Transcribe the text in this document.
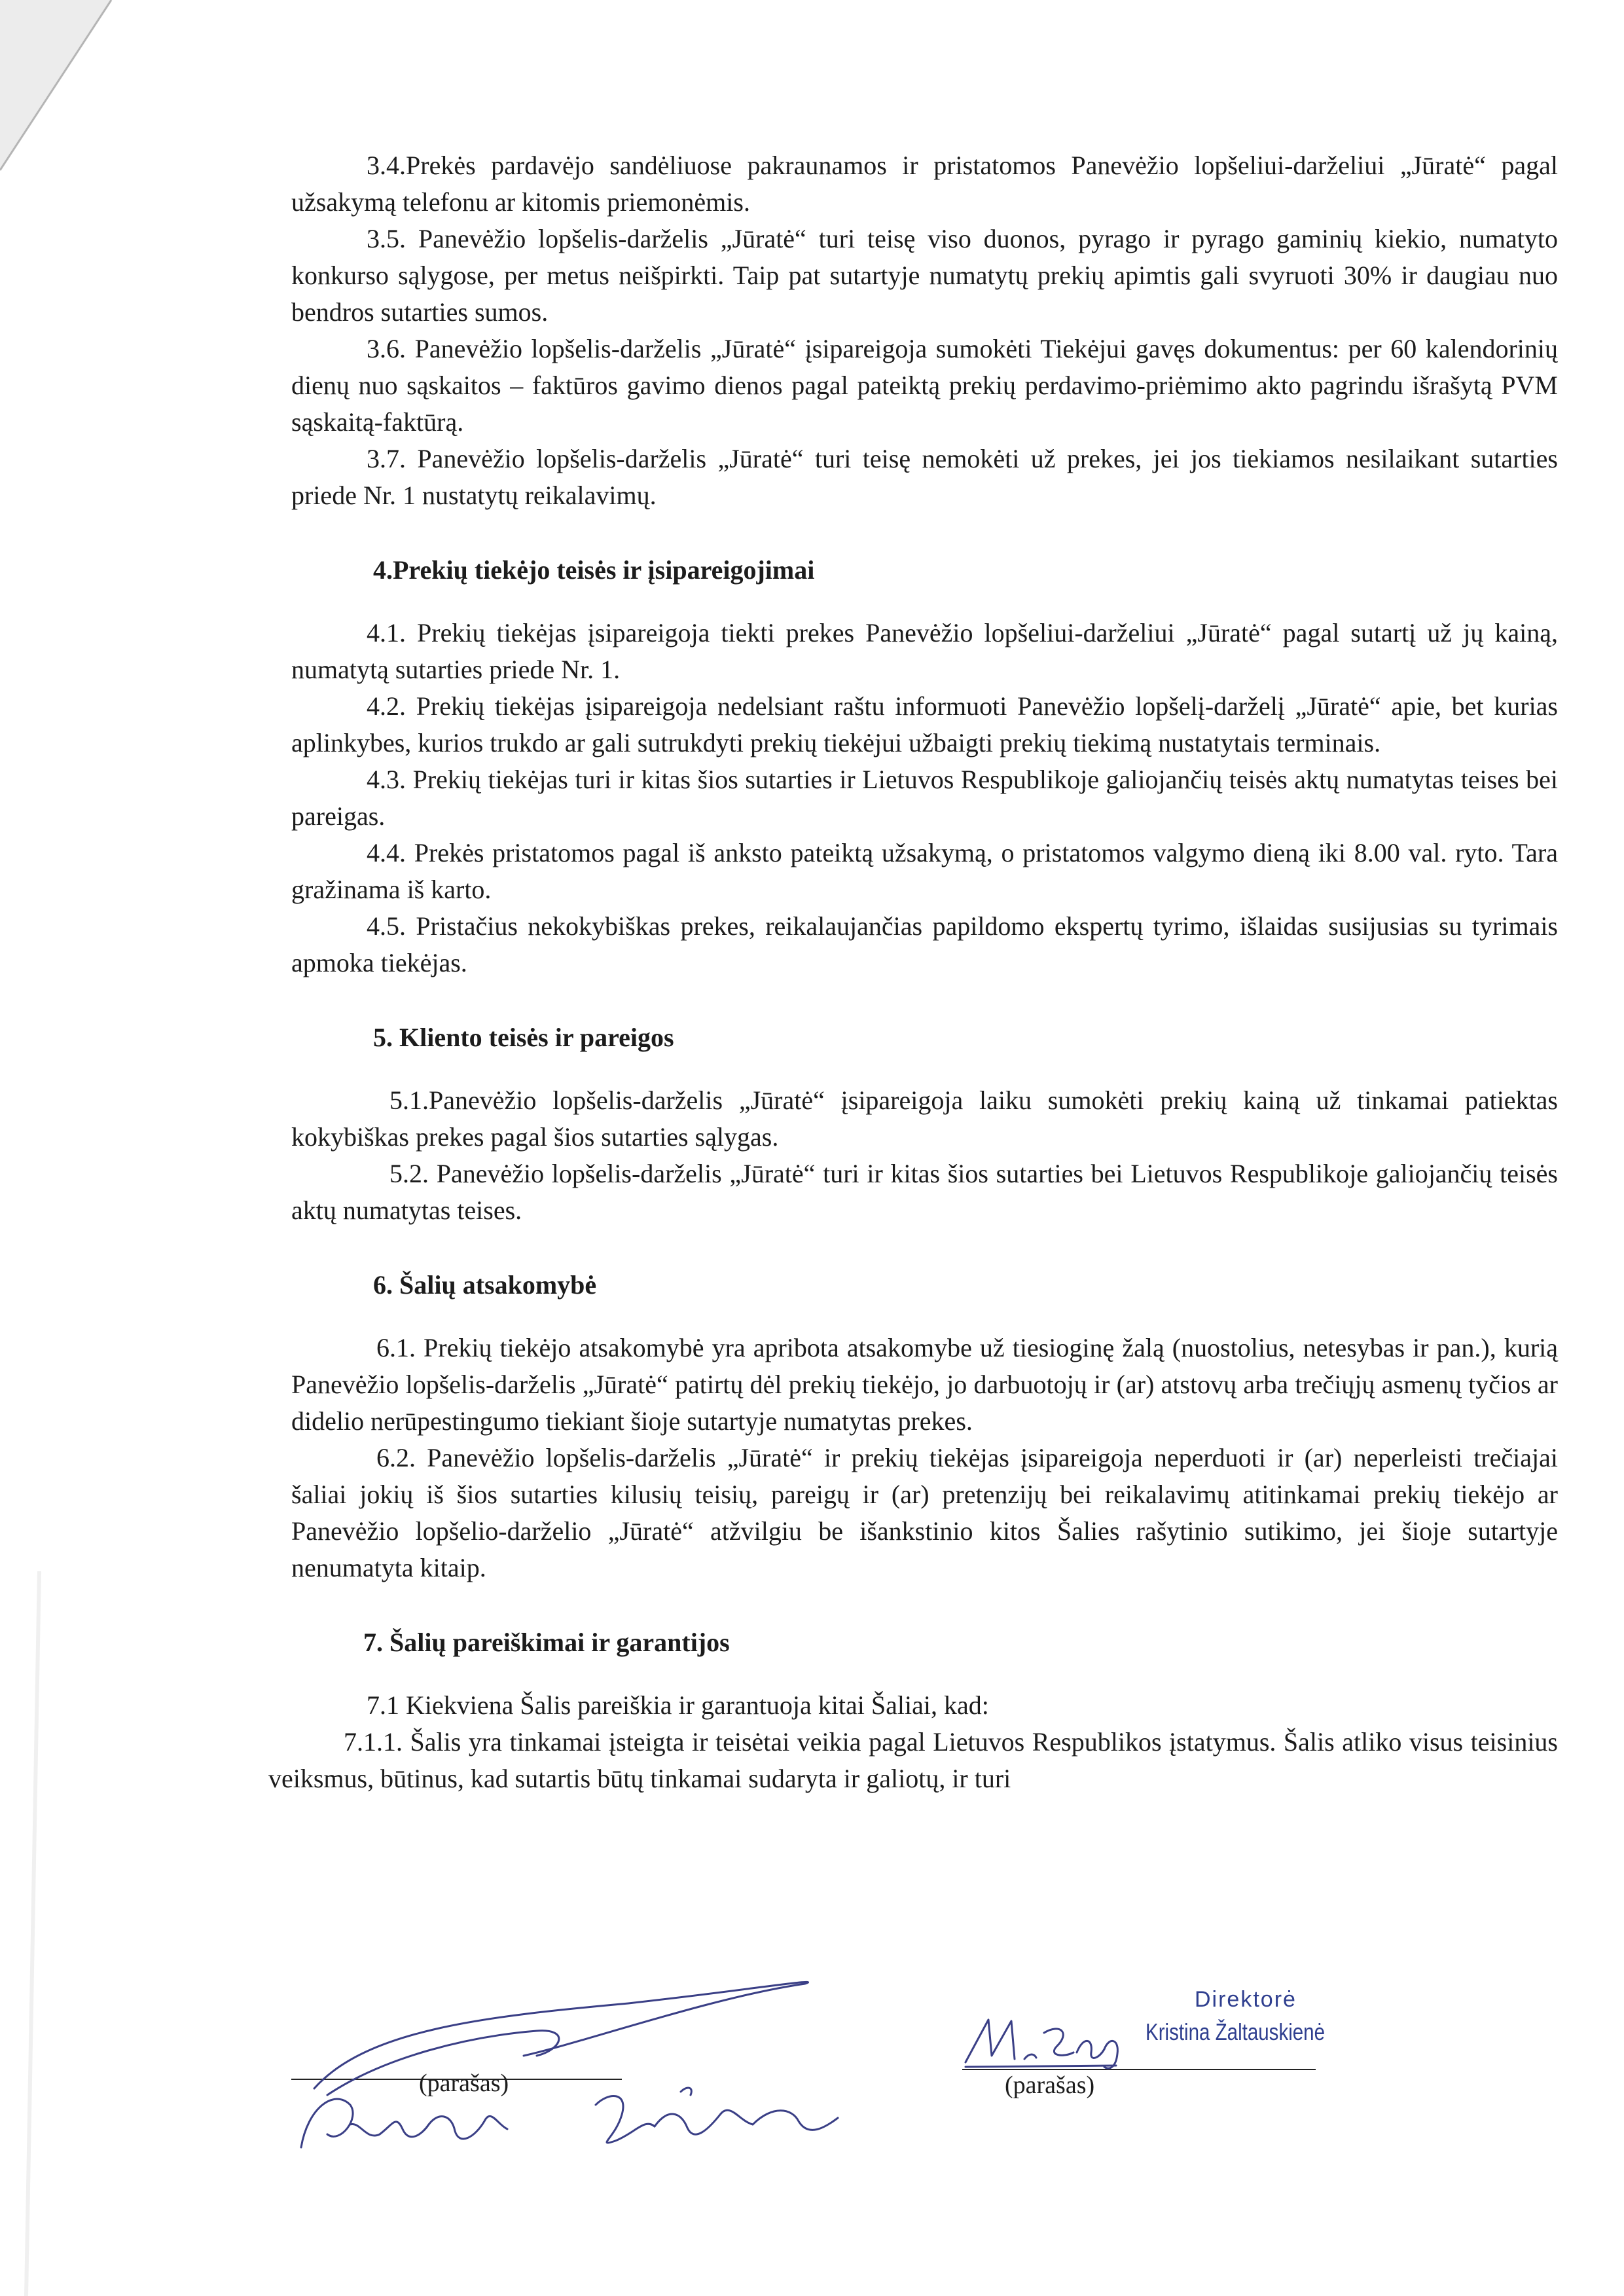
3.4.Prekės pardavėjo sandėliuose pakraunamos ir pristatomos Panevėžio lopšeliui-darželiui „Jūratė“ pagal užsakymą telefonu ar kitomis priemonėmis.

3.5. Panevėžio lopšelis-darželis „Jūratė“ turi teisę viso duonos, pyrago ir pyrago gaminių kiekio, numatyto konkurso sąlygose, per metus neišpirkti. Taip pat sutartyje numatytų prekių apimtis gali svyruoti 30% ir daugiau nuo bendros sutarties sumos.

3.6. Panevėžio lopšelis-darželis „Jūratė“ įsipareigoja sumokėti Tiekėjui gavęs dokumentus: per 60 kalendorinių dienų nuo sąskaitos – faktūros gavimo dienos pagal pateiktą prekių perdavimo-priėmimo akto pagrindu išrašytą PVM sąskaitą-faktūrą.

3.7. Panevėžio lopšelis-darželis „Jūratė“ turi teisę nemokėti už prekes, jei jos tiekiamos nesilaikant sutarties priede Nr. 1 nustatytų reikalavimų.

4.Prekių tiekėjo teisės ir įsipareigojimai

4.1. Prekių tiekėjas įsipareigoja tiekti prekes Panevėžio lopšeliui-darželiui „Jūratė“ pagal sutartį už jų kainą, numatytą sutarties priede Nr. 1.

4.2. Prekių tiekėjas įsipareigoja nedelsiant raštu informuoti Panevėžio lopšelį-darželį „Jūratė“ apie, bet kurias aplinkybes, kurios trukdo ar gali sutrukdyti prekių tiekėjui užbaigti prekių tiekimą nustatytais terminais.

4.3. Prekių tiekėjas turi ir kitas šios sutarties ir Lietuvos Respublikoje galiojančių teisės aktų numatytas teises bei pareigas.

4.4. Prekės pristatomos pagal iš anksto pateiktą užsakymą, o pristatomos valgymo dieną iki 8.00 val. ryto. Tara gražinama iš karto.

4.5. Pristačius nekokybiškas prekes, reikalaujančias papildomo ekspertų tyrimo, išlaidas susijusias su tyrimais apmoka tiekėjas.

5. Kliento teisės ir pareigos

5.1.Panevėžio lopšelis-darželis „Jūratė“ įsipareigoja laiku sumokėti prekių kainą už tinkamai patiektas kokybiškas prekes pagal šios sutarties sąlygas.

5.2. Panevėžio lopšelis-darželis „Jūratė“ turi ir kitas šios sutarties bei Lietuvos Respublikoje galiojančių teisės aktų numatytas teises.

6. Šalių atsakomybė

6.1. Prekių tiekėjo atsakomybė yra apribota atsakomybe už tiesioginę žalą (nuostolius, netesybas ir pan.), kurią Panevėžio lopšelis-darželis „Jūratė“ patirtų dėl prekių tiekėjo, jo darbuotojų ir (ar) atstovų arba trečiųjų asmenų tyčios ar didelio nerūpestingumo tiekiant šioje sutartyje numatytas prekes.

6.2. Panevėžio lopšelis-darželis „Jūratė“ ir prekių tiekėjas įsipareigoja neperduoti ir (ar) neperleisti trečiajai šaliai jokių iš šios sutarties kilusių teisių, pareigų ir (ar) pretenzijų bei reikalavimų atitinkamai prekių tiekėjo ar Panevėžio lopšelio-darželio „Jūratė“ atžvilgiu be išankstinio kitos Šalies rašytinio sutikimo, jei šioje sutartyje nenumatyta kitaip.

7. Šalių pareiškimai ir garantijos

7.1 Kiekviena Šalis pareiškia ir garantuoja kitai Šaliai, kad:

7.1.1. Šalis yra tinkamai įsteigta ir teisėtai veikia pagal Lietuvos Respublikos įstatymus. Šalis atliko visus teisinius veiksmus, būtinus, kad sutartis būtų tinkamai sudaryta ir galiotų, ir turi

(parašas)	(parašas)
Direktorė
Kristina Žaltauskienė
